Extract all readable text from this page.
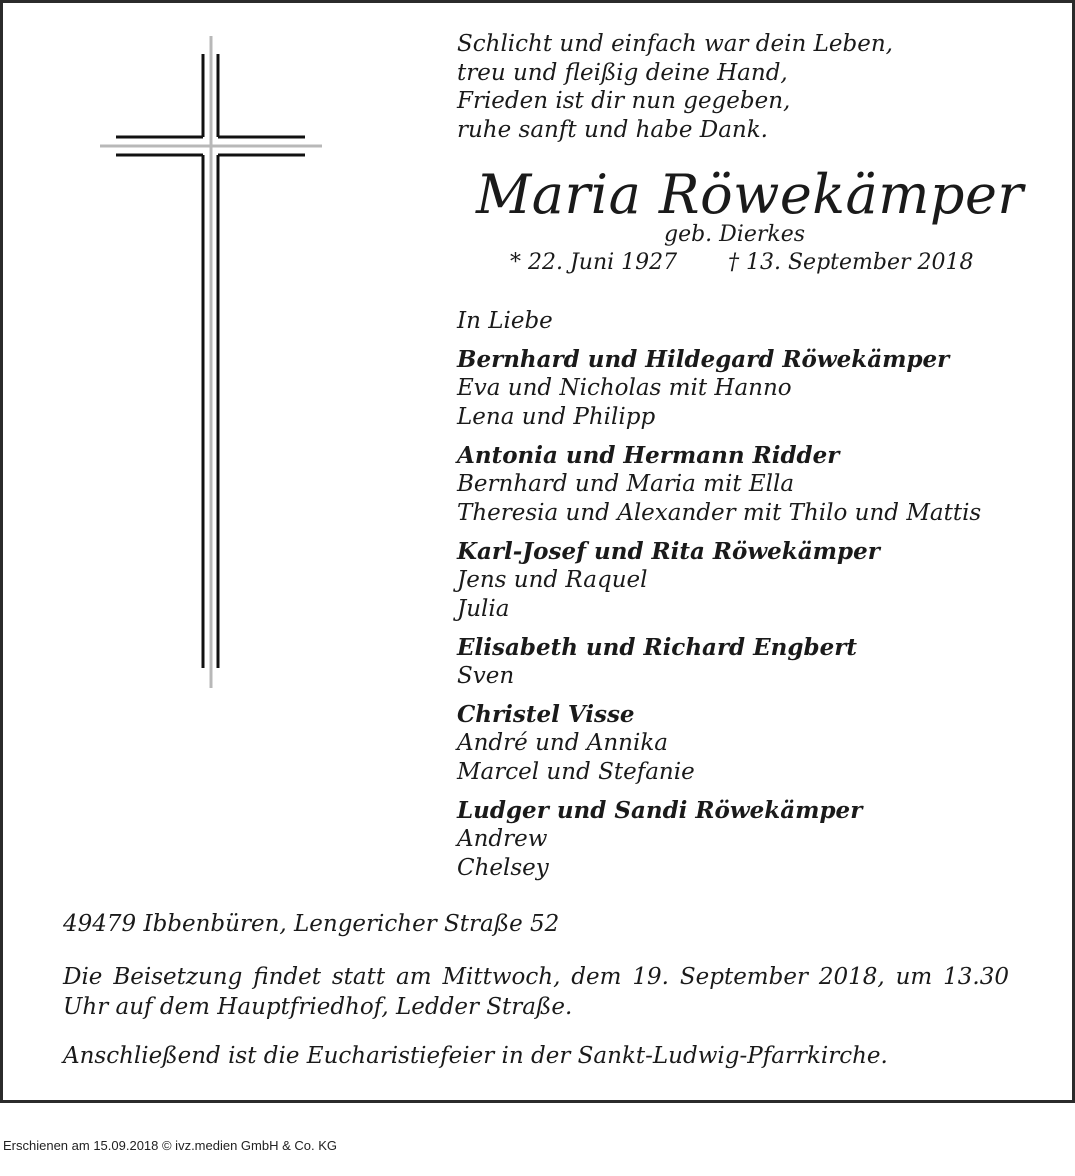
Schlicht und einfach war dein Leben,
treu und fleißig deine Hand,
Frieden ist dir nun gegeben,
ruhe sanft und habe Dank.
Maria Röwekämper
geb. Dierkes
* 22. Juni 1927 † 13. September 2018
In Liebe
Bernhard und Hildegard Röwekämper
Eva und Nicholas mit Hanno
Lena und Philipp
Antonia und Hermann Ridder
Bernhard und Maria mit Ella
Theresia und Alexander mit Thilo und Mattis
Karl-Josef und Rita Röwekämper
Jens und Raquel
Julia
Elisabeth und Richard Engbert
Sven
Christel Visse
André und Annika
Marcel und Stefanie
Ludger und Sandi Röwekämper
Andrew
Chelsey
49479 Ibbenbüren, Lengericher Straße 52
Die Beisetzung findet statt am Mittwoch, dem 19. September 2018, um 13.30 Uhr auf dem Hauptfriedhof, Ledder Straße.
Anschließend ist die Eucharistiefeier in der Sankt-Ludwig-Pfarrkirche.
Erschienen am 15.09.2018 © ivz.medien GmbH & Co. KG
